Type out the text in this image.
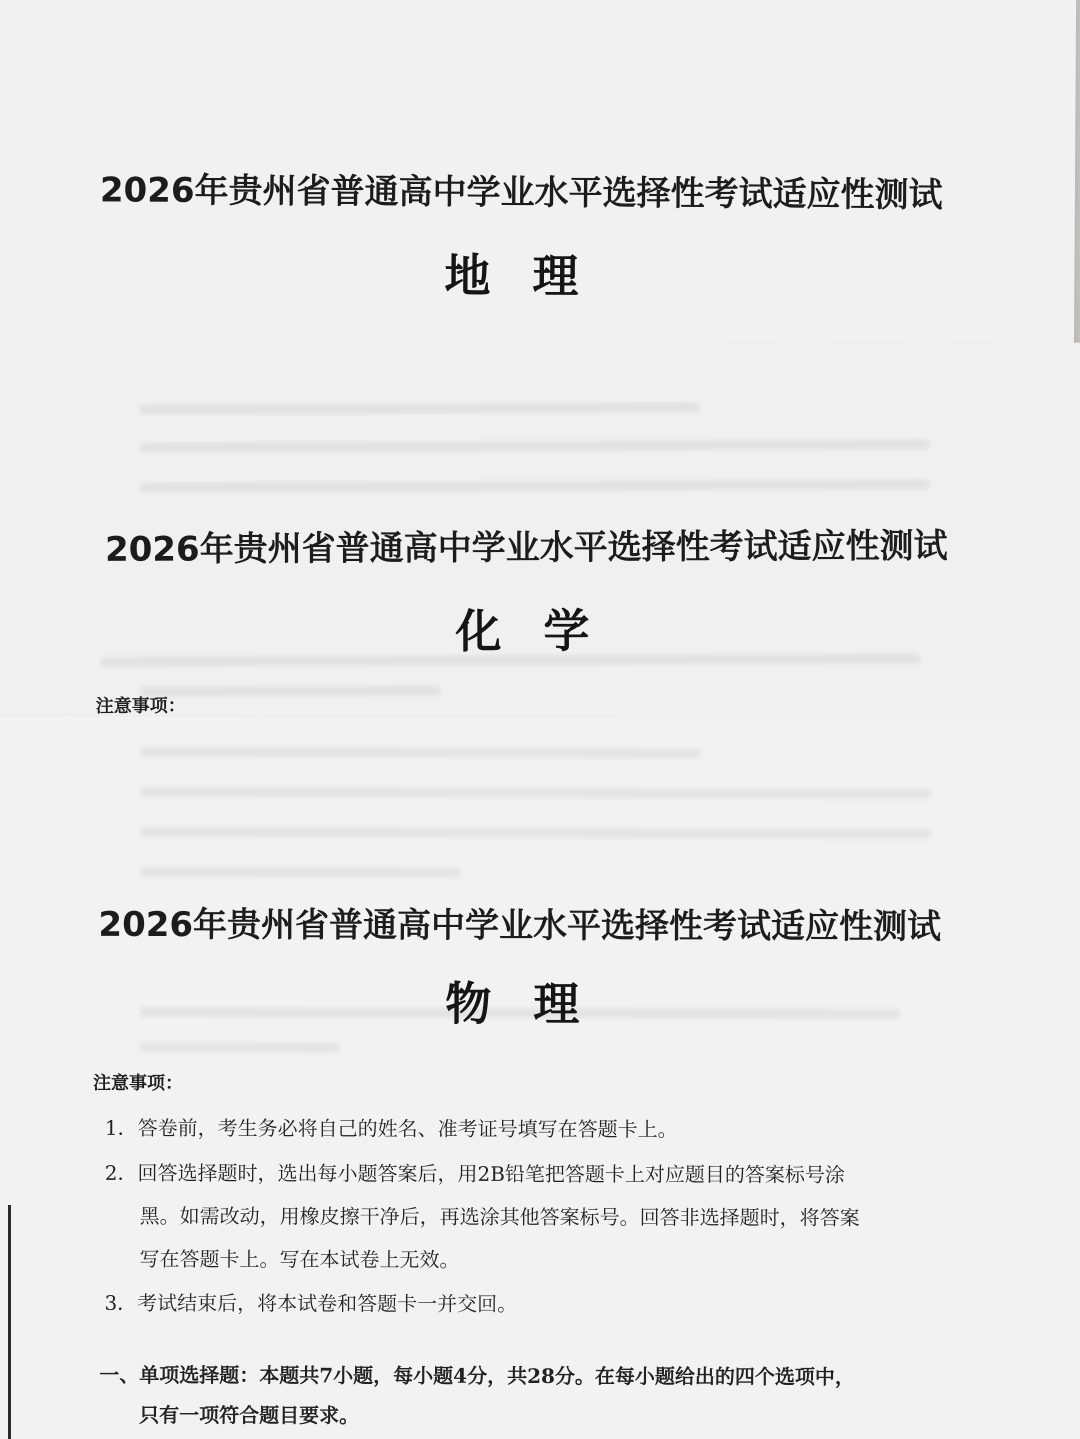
2026年贵州省普通高中学业水平选择性考试适应性测试
地理
2026年贵州省普通高中学业水平选择性考试适应性测试
化学
注意事项：
2026年贵州省普通高中学业水平选择性考试适应性测试
物理
注意事项：
1．答卷前，考生务必将自己的姓名、准考证号填写在答题卡上。
2．回答选择题时，选出每小题答案后，用2B铅笔把答题卡上对应题目的答案标号涂
黑。如需改动，用橡皮擦干净后，再选涂其他答案标号。回答非选择题时，将答案
写在答题卡上。写在本试卷上无效。
3．考试结束后，将本试卷和答题卡一并交回。
一、单项选择题：本题共7小题，每小题4分，共28分。在每小题给出的四个选项中，
只有一项符合题目要求。
